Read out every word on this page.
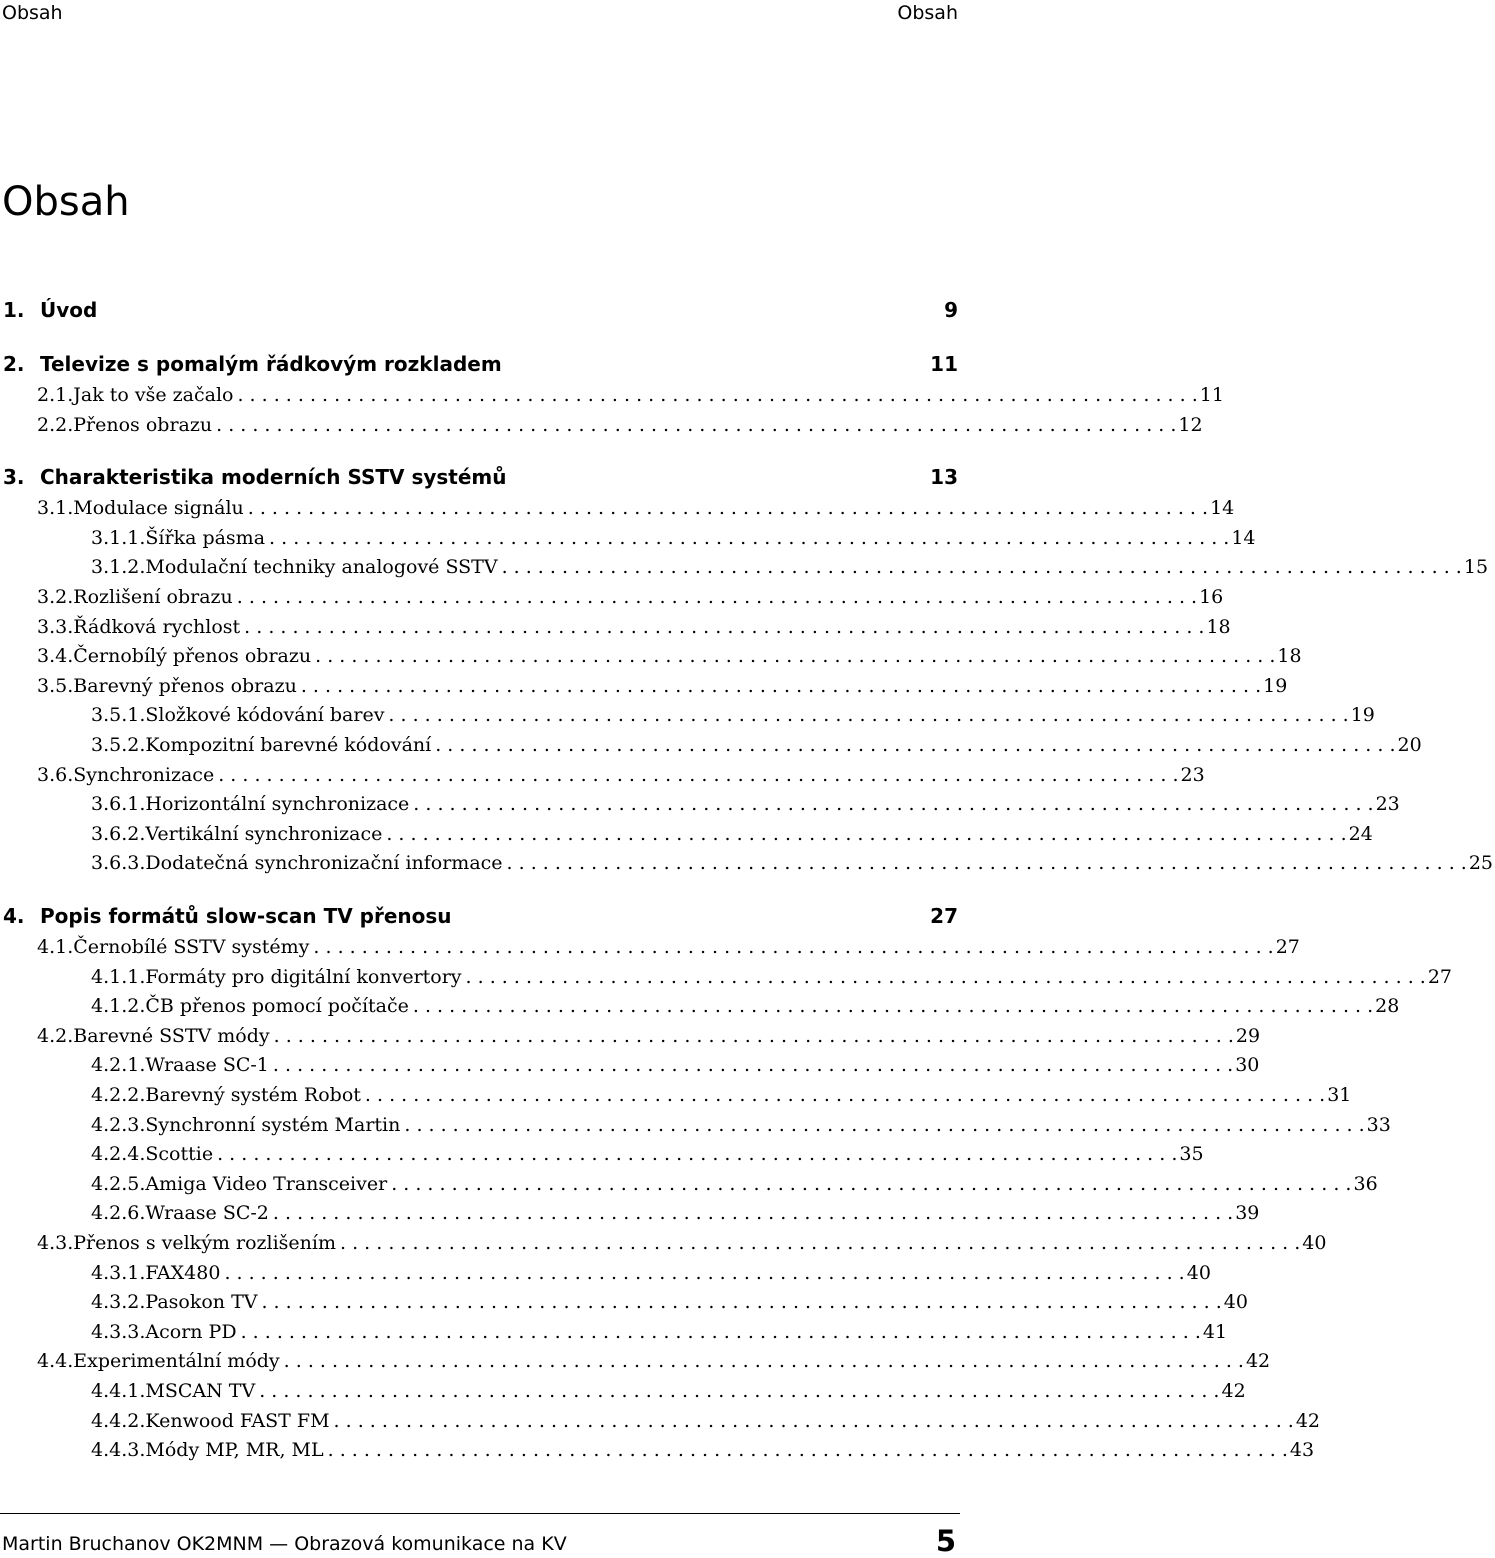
Obsah	Obsah
Obsah
1. Úvod	9
2. Televize s pomalým řádkovým rozkladem	11
2.1. Jak to vše začalo . . . . . . . . . . . . . . . . . . . . . . . . . . . . . . . . . . . . . . . . . . . . . . . . . . . . . . . . . . . . . . . . . . . . . . . . . . . . . . . . 11
2.2. Přenos obrazu . . . . . . . . . . . . . . . . . . . . . . . . . . . . . . . . . . . . . . . . . . . . . . . . . . . . . . . . . . . . . . . . . . . . . . . . . . . . . . . . 12
3. Charakteristika moderních SSTV systémů	13
3.1. Modulace signálu . . . . . . . . . . . . . . . . . . . . . . . . . . . . . . . . . . . . . . . . . . . . . . . . . . . . . . . . . . . . . . . . . . . . . . . . . . . . . . . . 14
3.1.1. Šířka pásma . . . . . . . . . . . . . . . . . . . . . . . . . . . . . . . . . . . . . . . . . . . . . . . . . . . . . . . . . . . . . . . . . . . . . . . . . . . . . . . . 14
3.1.2. Modulační techniky analogové SSTV . . . . . . . . . . . . . . . . . . . . . . . . . . . . . . . . . . . . . . . . . . . . . . . . . . . . . . . . . . . . . . . . . . . . . . . . . . . . . . . . 15
3.2. Rozlišení obrazu . . . . . . . . . . . . . . . . . . . . . . . . . . . . . . . . . . . . . . . . . . . . . . . . . . . . . . . . . . . . . . . . . . . . . . . . . . . . . . . . 16
3.3. Řádková rychlost . . . . . . . . . . . . . . . . . . . . . . . . . . . . . . . . . . . . . . . . . . . . . . . . . . . . . . . . . . . . . . . . . . . . . . . . . . . . . . . . 18
3.4. Černobílý přenos obrazu . . . . . . . . . . . . . . . . . . . . . . . . . . . . . . . . . . . . . . . . . . . . . . . . . . . . . . . . . . . . . . . . . . . . . . . . . . . . . . . . 18
3.5. Barevný přenos obrazu . . . . . . . . . . . . . . . . . . . . . . . . . . . . . . . . . . . . . . . . . . . . . . . . . . . . . . . . . . . . . . . . . . . . . . . . . . . . . . . . 19
3.5.1. Složkové kódování barev . . . . . . . . . . . . . . . . . . . . . . . . . . . . . . . . . . . . . . . . . . . . . . . . . . . . . . . . . . . . . . . . . . . . . . . . . . . . . . . . 19
3.5.2. Kompozitní barevné kódování . . . . . . . . . . . . . . . . . . . . . . . . . . . . . . . . . . . . . . . . . . . . . . . . . . . . . . . . . . . . . . . . . . . . . . . . . . . . . . . . 20
3.6. Synchronizace . . . . . . . . . . . . . . . . . . . . . . . . . . . . . . . . . . . . . . . . . . . . . . . . . . . . . . . . . . . . . . . . . . . . . . . . . . . . . . . . 23
3.6.1. Horizontální synchronizace . . . . . . . . . . . . . . . . . . . . . . . . . . . . . . . . . . . . . . . . . . . . . . . . . . . . . . . . . . . . . . . . . . . . . . . . . . . . . . . . 23
3.6.2. Vertikální synchronizace . . . . . . . . . . . . . . . . . . . . . . . . . . . . . . . . . . . . . . . . . . . . . . . . . . . . . . . . . . . . . . . . . . . . . . . . . . . . . . . . 24
3.6.3. Dodatečná synchronizační informace . . . . . . . . . . . . . . . . . . . . . . . . . . . . . . . . . . . . . . . . . . . . . . . . . . . . . . . . . . . . . . . . . . . . . . . . . . . . . . . . 25
4. Popis formátů slow-scan TV přenosu	27
4.1. Černobílé SSTV systémy . . . . . . . . . . . . . . . . . . . . . . . . . . . . . . . . . . . . . . . . . . . . . . . . . . . . . . . . . . . . . . . . . . . . . . . . . . . . . . . . 27
4.1.1. Formáty pro digitální konvertory . . . . . . . . . . . . . . . . . . . . . . . . . . . . . . . . . . . . . . . . . . . . . . . . . . . . . . . . . . . . . . . . . . . . . . . . . . . . . . . . 27
4.1.2. ČB přenos pomocí počítače . . . . . . . . . . . . . . . . . . . . . . . . . . . . . . . . . . . . . . . . . . . . . . . . . . . . . . . . . . . . . . . . . . . . . . . . . . . . . . . . 28
4.2. Barevné SSTV módy . . . . . . . . . . . . . . . . . . . . . . . . . . . . . . . . . . . . . . . . . . . . . . . . . . . . . . . . . . . . . . . . . . . . . . . . . . . . . . . . 29
4.2.1. Wraase SC-1 . . . . . . . . . . . . . . . . . . . . . . . . . . . . . . . . . . . . . . . . . . . . . . . . . . . . . . . . . . . . . . . . . . . . . . . . . . . . . . . . 30
4.2.2. Barevný systém Robot . . . . . . . . . . . . . . . . . . . . . . . . . . . . . . . . . . . . . . . . . . . . . . . . . . . . . . . . . . . . . . . . . . . . . . . . . . . . . . . . 31
4.2.3. Synchronní systém Martin . . . . . . . . . . . . . . . . . . . . . . . . . . . . . . . . . . . . . . . . . . . . . . . . . . . . . . . . . . . . . . . . . . . . . . . . . . . . . . . . 33
4.2.4. Scottie . . . . . . . . . . . . . . . . . . . . . . . . . . . . . . . . . . . . . . . . . . . . . . . . . . . . . . . . . . . . . . . . . . . . . . . . . . . . . . . . 35
4.2.5. Amiga Video Transceiver . . . . . . . . . . . . . . . . . . . . . . . . . . . . . . . . . . . . . . . . . . . . . . . . . . . . . . . . . . . . . . . . . . . . . . . . . . . . . . . . 36
4.2.6. Wraase SC-2 . . . . . . . . . . . . . . . . . . . . . . . . . . . . . . . . . . . . . . . . . . . . . . . . . . . . . . . . . . . . . . . . . . . . . . . . . . . . . . . . 39
4.3. Přenos s velkým rozlišením . . . . . . . . . . . . . . . . . . . . . . . . . . . . . . . . . . . . . . . . . . . . . . . . . . . . . . . . . . . . . . . . . . . . . . . . . . . . . . . . 40
4.3.1. FAX480 . . . . . . . . . . . . . . . . . . . . . . . . . . . . . . . . . . . . . . . . . . . . . . . . . . . . . . . . . . . . . . . . . . . . . . . . . . . . . . . . 40
4.3.2. Pasokon TV . . . . . . . . . . . . . . . . . . . . . . . . . . . . . . . . . . . . . . . . . . . . . . . . . . . . . . . . . . . . . . . . . . . . . . . . . . . . . . . . 40
4.3.3. Acorn PD . . . . . . . . . . . . . . . . . . . . . . . . . . . . . . . . . . . . . . . . . . . . . . . . . . . . . . . . . . . . . . . . . . . . . . . . . . . . . . . . 41
4.4. Experimentální módy . . . . . . . . . . . . . . . . . . . . . . . . . . . . . . . . . . . . . . . . . . . . . . . . . . . . . . . . . . . . . . . . . . . . . . . . . . . . . . . . 42
4.4.1. MSCAN TV . . . . . . . . . . . . . . . . . . . . . . . . . . . . . . . . . . . . . . . . . . . . . . . . . . . . . . . . . . . . . . . . . . . . . . . . . . . . . . . . 42
4.4.2. Kenwood FAST FM . . . . . . . . . . . . . . . . . . . . . . . . . . . . . . . . . . . . . . . . . . . . . . . . . . . . . . . . . . . . . . . . . . . . . . . . . . . . . . . . 42
4.4.3. Módy MP, MR, ML . . . . . . . . . . . . . . . . . . . . . . . . . . . . . . . . . . . . . . . . . . . . . . . . . . . . . . . . . . . . . . . . . . . . . . . . . . . . . . . . 43
Martin Bruchanov OK2MNM — Obrazová komunikace na KV	5
